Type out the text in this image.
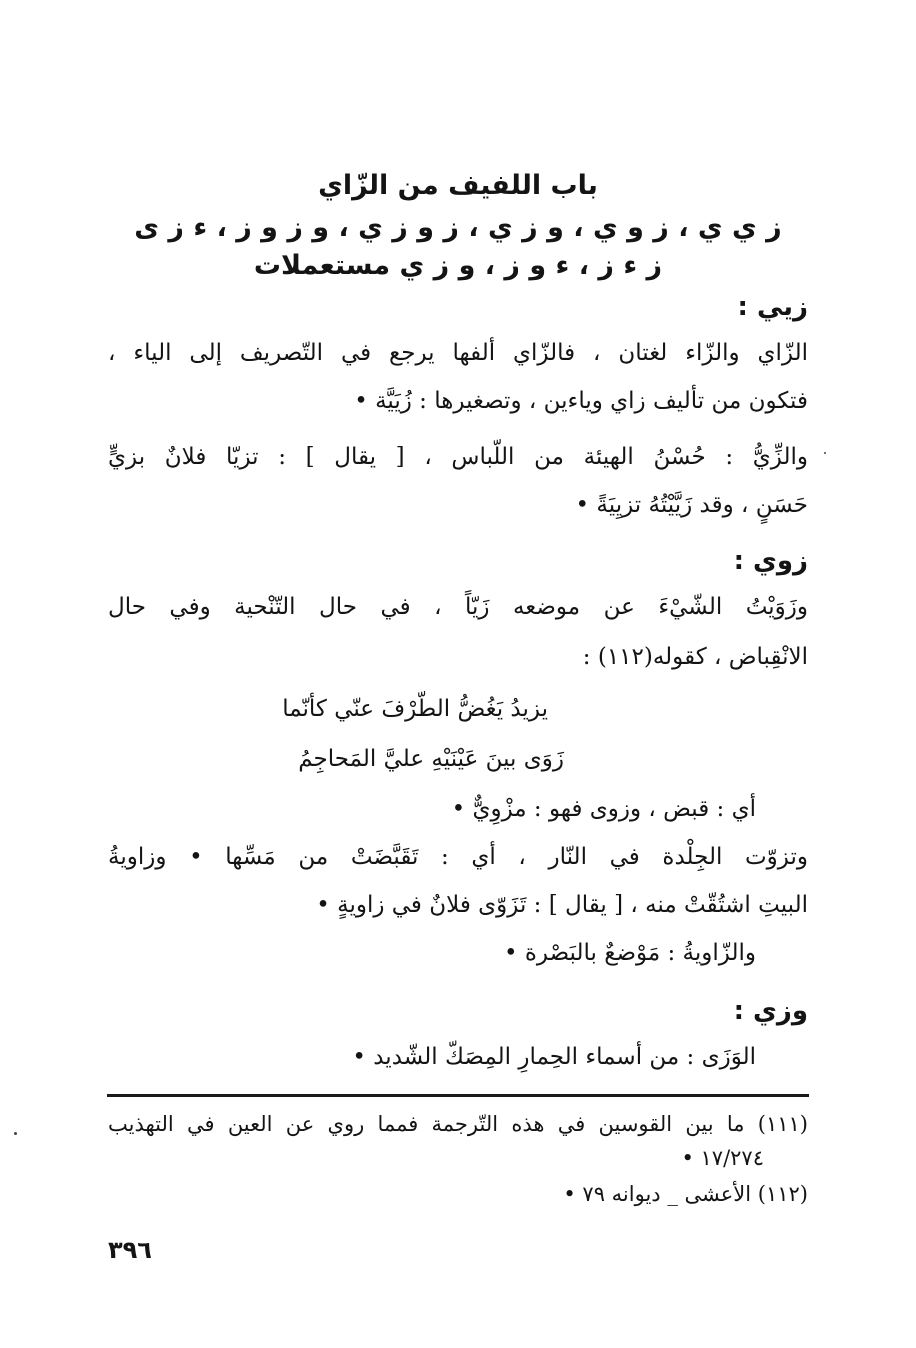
باب اللفيف من الزّاي
ز ي ي ، ز و ي ، و ز ي ، ز و ز ي ، و ز و ز ، ء ز ى
ز ء ز ، ء و ز ، و ز ي مستعملات
زيي :
الزّاي والزّاء لغتان ، فالزّاي ألفها يرجع في التّصريف إلى الياء ،
فتكون من تأليف زاي وياءين ، وتصغيرها : زُيَيَّة •
والزِّيُّ : حُسْنُ الهيئة من اللّباس ، [ يقال ] : تزيّا فلانٌ بزيٍّ
حَسَنٍ ، وقد زَيَّيْتُهُ تزيِيَةً •
زوي :
وزَوَيْتُ الشّيْءَ عن موضعه زَيّاً ، في حال التّنْحية وفي حال
الانْقِباض ، كقوله(١١٢) :
يزيدُ يَغُضُّ الطّرْفَ عنّي كأنّما
زَوَى بينَ عَيْنَيْهِ عليَّ المَحاجِمُ
أي : قبض ، وزوى فهو : مزْوِيٌّ •
وتزوّت الجِلْدة في النّار ، أي : تَقَبَّضَتْ من مَسِّها • وزاويةُ
البيتِ اشتُقّتْ منه ، [ يقال ] : تَزَوّى فلانٌ في زاويةٍ •
والزّاويةُ : مَوْضعٌ بالبَصْرة •
وزي :
الوَزَى : من أسماء الحِمارِ المِصَكّ الشّديد •
(١١١) ما بين القوسين في هذه التّرجمة فمما روي عن العين في التهذيب
١٧/٢٧٤ •
(١١٢) الأعشى _ ديوانه ٧٩ •
٣٩٦
